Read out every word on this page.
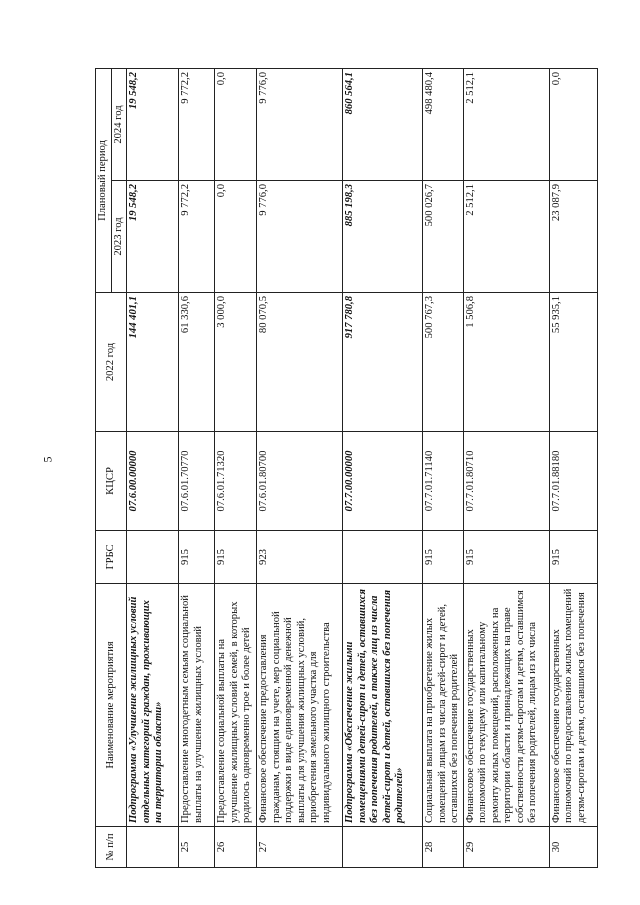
5
№ п/п	Наименование мероприятия	ГРБС	КЦСР	2022 год	Плановый период	
					2023 год	2024 год
	Подпрограмма «Улучшение жилищных условий отдельных категорий граждан, проживающих на территории области»		07.6.00.00000	144 401,1	19 548,2	19 548,2
25	Предоставление многодетным семьям социальной выплаты на улучшение жилищных условий	915	07.6.01.70770	61 330,6	9 772,2	9 772,2
26	Предоставление социальной выплаты на улучшение жилищных условий семей, в которых родилось одновременно трое и более детей	915	07.6.01.71320	3 000,0	0,0	0,0
27	Финансовое обеспечение предоставления гражданам, стоящим на учете, мер социальной поддержки в виде единовременной денежной выплаты для улучшения жилищных условий, приобретения земельного участка для индивидуального жилищного строительства	923	07.6.01.80700	80 070,5	9 776,0	9 776,0
	Подпрограмма «Обеспечение жилыми помещениями детей-сирот и детей, оставшихся без попечения родителей, а также лиц из числа детей-сирот и детей, оставшихся без попечения родителей»		07.7.00.00000	917 780,8	885 198,3	860 564,1
28	Социальная выплата на приобретение жилых помещений лицам из числа детей-сирот и детей, оставшихся без попечения родителей	915	07.7.01.71140	500 767,3	500 026,7	498 480,4
29	Финансовое обеспечение государственных полномочий по текущему или капитальному ремонту жилых помещений, расположенных на территории области и принадлежащих на праве собственности детям-сиротам и детям, оставшимся без попечения родителей, лицам из их числа	915	07.7.01.80710	1 506,8	2 512,1	2 512,1
30	Финансовое обеспечение государственных полномочий по предоставлению жилых помещений детям-сиротам и детям, оставшимся без попечения	915	07.7.01.88180	55 935,1	23 087,9	0,0
